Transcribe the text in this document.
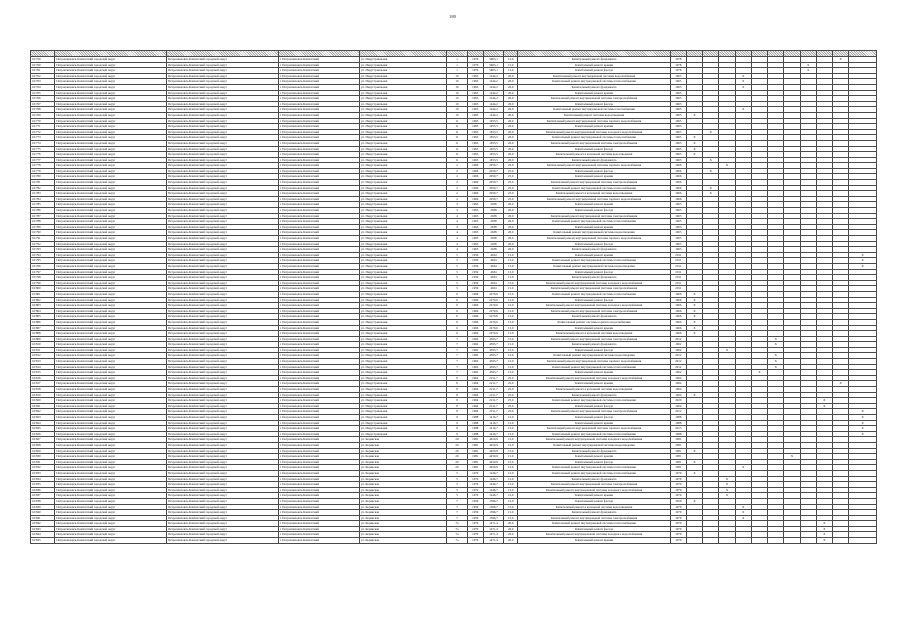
180

16/759	Петропавловск-Камчатский городской округ	Петропавловск-Камчатский городской округ	г. Петропавловск-Камчатский	ул. Индустриальная	1	1976	5603,1	15,0	Капитальный ремонт фундамента	1978										X	
16/760	Петропавловск-Камчатский городской округ	Петропавловск-Камчатский городской округ	г. Петропавловск-Камчатский	ул. Индустриальная	1	1976	5603,1	15,0	Капитальный ремонт крыши	1978								X			
16/761	Петропавловск-Камчатский городской округ	Петропавловск-Камчатский городской округ	г. Петропавловск-Камчатский	ул. Индустриальная	1	1976	5603,1	13,0	Капитальный ремонт фасада	1978								X			
16/762	Петропавловск-Камчатский городской округ	Петропавловск-Камчатский городской округ	г. Петропавловск-Камчатский	ул. Индустриальная	10	1965	1244,2	20,0	Капитальный ремонт внутридомовой системы водоснабжения	1965				X							
16/763	Петропавловск-Камчатский городской округ	Петропавловск-Камчатский городской округ	г. Петропавловск-Камчатский	ул. Индустриальная	10	1965	1244,2	20,0	Капитальный ремонт внутридомовой системы теплоснабжения	1965				X							
16/764	Петропавловск-Камчатский городской округ	Петропавловск-Камчатский городской округ	г. Петропавловск-Камчатский	ул. Индустриальная	10	1965	1244,2	20,0	Капитальный ремонт фундамента	1965				X							
16/765	Петропавловск-Камчатский городской округ	Петропавловск-Камчатский городской округ	г. Петропавловск-Камчатский	ул. Индустриальная	10	1965	1244,2	20,0	Капитальный ремонт крыши	1965											
16/766	Петропавловск-Камчатский городской округ	Петропавловск-Камчатский городской округ	г. Петропавловск-Камчатский	ул. Индустриальная	10	1965	1244,2	20,0	Капитальный ремонт внутридомовой системы электроснабжения	1965											
16/767	Петропавловск-Камчатский городской округ	Петропавловск-Камчатский городской округ	г. Петропавловск-Камчатский	ул. Индустриальная	10	1965	1244,2	20,0	Капитальный ремонт фасада	1965											
16/768	Петропавловск-Камчатский городской округ	Петропавловск-Камчатский городской округ	г. Петропавловск-Камчатский	ул. Индустриальная	10	1965	1244,2	20,0	Капитальный ремонт внутридомовой системы газоснабжения	1965				X							
16/769	Петропавловск-Камчатский городской округ	Петропавловск-Камчатский городской округ	г. Петропавловск-Камчатский	ул. Индустриальная	10	1965	1244,2	20,0	Капитальный ремонт системы водоотведения	1965	X										
16/770	Петропавловск-Камчатский городской округ	Петропавловск-Камчатский городской округ	г. Петропавловск-Камчатский	ул. Индустриальная	11	1965	1653,5	20,0	Капитальный ремонт внутридомовой системы горячего водоснабжения	1965											
16/771	Петропавловск-Камчатский городской округ	Петропавловск-Камчатский городской округ	г. Петропавловск-Камчатский	ул. Индустриальная	11	1965	1653,5	20,0	Капитальный ремонт крыши	1965											
16/772	Петропавловск-Камчатский городской округ	Петропавловск-Камчатский городской округ	г. Петропавловск-Камчатский	ул. Индустриальная	11	1965	1653,5	20,0	Капитальный ремонт внутридомовой системы холодного водоснабжения	1965		X									
16/773	Петропавловск-Камчатский городской округ	Петропавловск-Камчатский городской округ	г. Петропавловск-Камчатский	ул. Индустриальная	11	1965	1653,5	20,0	Капитальный ремонт внутридомовой системы теплоснабжения	1965	X										
16/774	Петропавловск-Камчатский городской округ	Петропавловск-Камчатский городской округ	г. Петропавловск-Камчатский	ул. Индустриальная	11	1965	1653,5	20,0	Капитальный ремонт внутридомовой системы электроснабжения	1965	X										
16/775	Петропавловск-Камчатский городской округ	Петропавловск-Камчатский городской округ	г. Петропавловск-Камчатский	ул. Индустриальная	11	1965	1653,5	20,0	Капитальный ремонт фасада	1965	X										
16/776	Петропавловск-Камчатский городской округ	Петропавловск-Камчатский городской округ	г. Петропавловск-Камчатский	ул. Индустриальная	11	1965	1653,5	20,0	Капитальный ремонт в котельной системы водоотведения	1965	X										
16/777	Петропавловск-Камчатский городской округ	Петропавловск-Камчатский городской округ	г. Петропавловск-Камчатский	ул. Индустриальная	11	1965	1653,5	20,0	Капитальный ремонт фундамента	1965		X									
16/778	Петропавловск-Камчатский городской округ	Петропавловск-Камчатский городской округ	г. Петропавловск-Камчатский	ул. Индустриальная	2	1966	2050,7	25,0	Капитальный ремонт внутридомовой системы горячего водоснабжения	1966			X								
16/779	Петропавловск-Камчатский городской округ	Петропавловск-Камчатский городской округ	г. Петропавловск-Камчатский	ул. Индустриальная	2	1966	2050,7	25,0	Капитальный ремонт фасада	1966		X									
16/780	Петропавловск-Камчатский городской округ	Петропавловск-Камчатский городской округ	г. Петропавловск-Камчатский	ул. Индустриальная	2	1966	2050,7	25,0	Капитальный ремонт крыши	1966											
16/781	Петропавловск-Камчатский городской округ	Петропавловск-Камчатский городской округ	г. Петропавловск-Камчатский	ул. Индустриальная	2	1966	2050,7	25,0	Капитальный ремонт внутридомовой системы электроснабжения	1966											
16/782	Петропавловск-Камчатский городской округ	Петропавловск-Камчатский городской округ	г. Петропавловск-Камчатский	ул. Индустриальная	2	1966	2050,7	25,0	Капитальный ремонт внутридомовой системы теплоснабжения	1966		X									
16/783	Петропавловск-Камчатский городской округ	Петропавловск-Камчатский городской округ	г. Петропавловск-Камчатский	ул. Индустриальная	2	1966	2050,7	25,0	Капитальный ремонт в котельной системы водоотведения	1966		X									
16/784	Петропавловск-Камчатский городской округ	Петропавловск-Камчатский городской округ	г. Петропавловск-Камчатский	ул. Индустриальная	2	1966	2050,7	25,0	Капитальный ремонт внутридомовой системы горячего водоснабжения	1966											
16/785	Петропавловск-Камчатский городской округ	Петропавловск-Камчатский городской округ	г. Петропавловск-Камчатский	ул. Индустриальная	3	1965	2638	20,0	Капитальный ремонт крыши	1965											
16/786	Петропавловск-Камчатский городской округ	Петропавловск-Камчатский городской округ	г. Петропавловск-Камчатский	ул. Индустриальная	3	1965	2638	20,0	Капитальный ремонт фасада	1965											
16/787	Петропавловск-Камчатский городской округ	Петропавловск-Камчатский городской округ	г. Петропавловск-Камчатский	ул. Индустриальная	4	1965	2638	20,0	Капитальный ремонт внутридомовой системы электроснабжения	1965											
16/788	Петропавловск-Камчатский городской округ	Петропавловск-Камчатский городской округ	г. Петропавловск-Камчатский	ул. Индустриальная	4	1965	2638	20,0	Капитальный ремонт внутридомовой системы теплоснабжения	1965											
16/789	Петропавловск-Камчатский городской округ	Петропавловск-Камчатский городской округ	г. Петропавловск-Камчатский	ул. Индустриальная	4	1965	2638	20,0	Капитальный ремонт крыши	1965											
16/790	Петропавловск-Камчатский городской округ	Петропавловск-Камчатский городской округ	г. Петропавловск-Камчатский	ул. Индустриальная	4	1965	2638	20,0	Капитальный ремонт внутридомовой системы водоотведения	1965											
16/791	Петропавловск-Камчатский городской округ	Петропавловск-Камчатский городской округ	г. Петропавловск-Камчатский	ул. Индустриальная	4	1965	2638	20,0	Капитальный ремонт внутридомовой системы горячего водоснабжения	1965											
16/792	Петропавловск-Камчатский городской округ	Петропавловск-Камчатский городской округ	г. Петропавловск-Камчатский	ул. Индустриальная	4	1965	2638	20,0	Капитальный ремонт фасада	1965											
16/793	Петропавловск-Камчатский городской округ	Петропавловск-Камчатский городской округ	г. Петропавловск-Камчатский	ул. Индустриальная	4	1965	2638	20,0	Капитальный ремонт фундамента	1965											
16/794	Петропавловск-Камчатский городской округ	Петропавловск-Камчатский городской округ	г. Петропавловск-Камчатский	ул. Индустриальная	5	1959	4634	15,0	Капитальный ремонт крыши	2011											X
16/795	Петропавловск-Камчатский городской округ	Петропавловск-Камчатский городской округ	г. Петропавловск-Камчатский	ул. Индустриальная	5	1959	4634	15,0	Капитальный ремонт внутридомовой системы теплоснабжения	2011											X
16/796	Петропавловск-Камчатский городской округ	Петропавловск-Камчатский городской округ	г. Петропавловск-Камчатский	ул. Индустриальная	5	1959	4634	15,0	Капитальный ремонт внутридомовой системы водоотведения	2011											X
16/797	Петропавловск-Камчатский городской округ	Петропавловск-Камчатский городской округ	г. Петропавловск-Камчатский	ул. Индустриальная	5	1959	4634	15,0	Капитальный ремонт фасада	2011											
16/798	Петропавловск-Камчатский городской округ	Петропавловск-Камчатский городской округ	г. Петропавловск-Камчатский	ул. Индустриальная	5	1959	4634	15,0	Капитальный ремонт фундамента	2011											
16/799	Петропавловск-Камчатский городской округ	Петропавловск-Камчатский городской округ	г. Петропавловск-Камчатский	ул. Индустриальная	5	1959	4634	15,0	Капитальный ремонт внутридомовой системы холодного водоснабжения	2011											
16/800	Петропавловск-Камчатский городской округ	Петропавловск-Камчатский городской округ	г. Петропавловск-Камчатский	ул. Индустриальная	5	1959	4634	15,0	Капитальный ремонт внутридомовой системы электроснабжения	2011											
16/801	Петропавловск-Камчатский городской округ	Петропавловск-Камчатский городской округ	г. Петропавловск-Камчатский	ул. Индустриальная	6	1966	2270,6	15,0	Капитальный ремонт внутридомовой системы теплоснабжения	1966	X										
16/802	Петропавловск-Камчатский городской округ	Петропавловск-Камчатский городской округ	г. Петропавловск-Камчатский	ул. Индустриальная	6	1966	2270,6	15,0	Капитальный ремонт фасада	1966	X										
16/803	Петропавловск-Камчатский городской округ	Петропавловск-Камчатский городской округ	г. Петропавловск-Камчатский	ул. Индустриальная	6	1966	2270,6	15,0	Капитальный ремонт внутридомовой системы холодного водоснабжения	1966	X										
16/804	Петропавловск-Камчатский городской округ	Петропавловск-Камчатский городской округ	г. Петропавловск-Камчатский	ул. Индустриальная	6	1966	2270,6	15,0	Капитальный ремонт внутридомовой системы электроснабжения	1966	X										
16/805	Петропавловск-Камчатский городской округ	Петропавловск-Камчатский городской округ	г. Петропавловск-Камчатский	ул. Индустриальная	6	1966	2270,6	15,0	Капитальный ремонт фундамента	1966	X										
16/806	Петропавловск-Камчатский городской округ	Петропавловск-Камчатский городской округ	г. Петропавловск-Камчатский	ул. Индустриальная	6	1966	2270,6	15,0	Капитальный ремонт системы горячего водоснабжения	1966	X										
16/807	Петропавловск-Камчатский городской округ	Петропавловск-Камчатский городской округ	г. Петропавловск-Камчатский	ул. Индустриальная	6	1966	2270,6	15,0	Капитальный ремонт крыши	1966	X										
16/808	Петропавловск-Камчатский городской округ	Петропавловск-Камчатский городской округ	г. Петропавловск-Камчатский	ул. Индустриальная	6	1966	2270,6	15,0	Капитальный ремонт в котельной системы водоотведения	1966	X										
16/809	Петропавловск-Камчатский городской округ	Петропавловск-Камчатский городской округ	г. Петропавловск-Камчатский	ул. Индустриальная	7	1962	4593,7	15,0	Капитальный ремонт внутридомовой системы электроснабжения	2012						X					
16/810	Петропавловск-Камчатский городской округ	Петропавловск-Камчатский городской округ	г. Петропавловск-Камчатский	ул. Индустриальная	7	1962	4593,7	15,0	Капитальный ремонт фундамента	1962						X					
16/811	Петропавловск-Камчатский городской округ	Петропавловск-Камчатский городской округ	г. Петропавловск-Камчатский	ул. Индустриальная	7	1962	4593,7	15,0	Капитальный ремонт фасада	1962			X								
16/812	Петропавловск-Камчатский городской округ	Петропавловск-Камчатский городской округ	г. Петропавловск-Камчатский	ул. Индустриальная	7	1962	4593,7	15,0	Капитальный ремонт внутридомовой системы водоотведения	2012						X					
16/813	Петропавловск-Камчатский городской округ	Петропавловск-Камчатский городской округ	г. Петропавловск-Камчатский	ул. Индустриальная	7	1962	4593,7	15,0	Капитальный ремонт внутридомовой системы горячего водоснабжения	2012						X					
16/814	Петропавловск-Камчатский городской округ	Петропавловск-Камчатский городской округ	г. Петропавловск-Камчатский	ул. Индустриальная	7	1962	4593,7	15,0	Капитальный ремонт внутридомовой системы теплоснабжения	2012						X					
16/815	Петропавловск-Камчатский городской округ	Петропавловск-Камчатский городской округ	г. Петропавловск-Камчатский	ул. Индустриальная	7	1962	4593,7	15,0	Капитальный ремонт крыши	1962					X						
16/816	Петропавловск-Камчатский городской округ	Петропавловск-Камчатский городской округ	г. Петропавловск-Камчатский	ул. Индустриальная	8	1964	2211,7	25,0	Капитальный ремонт внутридомовой системы холодного водоснабжения	1964											
16/817	Петропавловск-Камчатский городской округ	Петропавловск-Камчатский городской округ	г. Петропавловск-Камчатский	ул. Индустриальная	8	1964	2211,7	25,0	Капитальный ремонт крыши	1964										X	
16/818	Петропавловск-Камчатский городской округ	Петропавловск-Камчатский городской округ	г. Петропавловск-Камчатский	ул. Индустриальная	8	1964	2211,7	25,0	Капитальный ремонт в котельной системы водоотведения	1964											
16/819	Петропавловск-Камчатский городской округ	Петропавловск-Камчатский городской округ	г. Петропавловск-Камчатский	ул. Индустриальная	8	1964	2211,7	25,0	Капитальный ремонт фундамента	1964	X										
16/820	Петропавловск-Камчатский городской округ	Петропавловск-Камчатский городской округ	г. Петропавловск-Камчатский	ул. Индустриальная	8	1964	2211,7	25,0	Капитальный ремонт внутридомовой системы теплоснабжения	2020									X		
16/821	Петропавловск-Камчатский городской округ	Петропавловск-Камчатский городской округ	г. Петропавловск-Камчатский	ул. Индустриальная	8	1964	2211,7	25,0	Капитальный ремонт фасада	1964									X		
16/822	Петропавловск-Камчатский городской округ	Петропавловск-Камчатский городской округ	г. Петропавловск-Камчатский	ул. Индустриальная	8	1964	2211,7	25,0	Капитальный ремонт внутридомовой системы электроснабжения	2012											X
16/823	Петропавловск-Камчатский городской округ	Петропавловск-Камчатский городской округ	г. Петропавловск-Камчатский	ул. Индустриальная	9	1988	1416,7	15,0	Капитальный ремонт фасада	1988											X
16/824	Петропавловск-Камчатский городской округ	Петропавловск-Камчатский городской округ	г. Петропавловск-Камчатский	ул. Индустриальная	9	1988	1416,7	15,0	Капитальный ремонт крыши	1988											X
16/825	Петропавловск-Камчатский городской округ	Петропавловск-Камчатский городской округ	г. Петропавловск-Камчатский	ул. Индустриальная	9	1988	1416,7	15,0	Капитальный ремонт внутридомовой системы горячего водоснабжения	2013											X
16/826	Петропавловск-Камчатский городской округ	Петропавловск-Камчатский городской округ	г. Петропавловск-Камчатский	ул. Индустриальная	9	1988	1416,7	15,0	Капитальный ремонт внутридомовой системы теплоснабжения	1988											X
16/827	Петропавловск-Камчатский городской округ	Петропавловск-Камчатский городской округ	г. Петропавловск-Камчатский	ул. Корякская	20	1981	4450,9	15,0	Капитальный ремонт внутридомовой системы холодного водоснабжения	1981											
16/828	Петропавловск-Камчатский городской округ	Петропавловск-Камчатский городской округ	г. Петропавловск-Камчатский	ул. Корякская	20	1981	4450,9	15,0	Капитальный ремонт внутридомовой системы водоотведения	1981											
16/829	Петропавловск-Камчатский городской округ	Петропавловск-Камчатский городской округ	г. Петропавловск-Камчатский	ул. Корякская	20	1981	4450,9	15,0	Капитальный ремонт фундамента	1981	X										
16/830	Петропавловск-Камчатский городской округ	Петропавловск-Камчатский городской округ	г. Петропавловск-Камчатский	ул. Корякская	20	1981	4450,9	15,0	Капитальный ремонт крыши	1981							X				
16/831	Петропавловск-Камчатский городской округ	Петропавловск-Камчатский городской округ	г. Петропавловск-Камчатский	ул. Корякская	20	1981	4450,9	15,0	Капитальный ремонт фасада	1981	X										
16/832	Петропавловск-Камчатский городской округ	Петропавловск-Камчатский городской округ	г. Петропавловск-Камчатский	ул. Корякская	20	1981	4450,9	15,0	Капитальный ремонт внутридомовой системы теплоснабжения	1981				X							
16/833	Петропавловск-Камчатский городской округ	Петропавловск-Камчатский городской округ	г. Петропавловск-Камчатский	ул. Корякская	5	1979	1246,7	15,0	Капитальный ремонт внутридомовой системы теплоснабжения	1979	X										
16/834	Петропавловск-Камчатский городской округ	Петропавловск-Камчатский городской округ	г. Петропавловск-Камчатский	ул. Корякская	5	1979	1246,7	15,0	Капитальный ремонт фундамента	1979			X								
16/835	Петропавловск-Камчатский городской округ	Петропавловск-Камчатский городской округ	г. Петропавловск-Камчатский	ул. Корякская	5	1979	1246,7	15,0	Капитальный ремонт внутридомовой системы электроснабжения	1979			X								
16/836	Петропавловск-Камчатский городской округ	Петропавловск-Камчатский городской округ	г. Петропавловск-Камчатский	ул. Корякская	5	1979	1246,7	15,0	Капитальный ремонт внутридомовой системы холодного водоснабжения	1979			X								
16/837	Петропавловск-Камчатский городской округ	Петропавловск-Камчатский городской округ	г. Петропавловск-Камчатский	ул. Корякская	5	1979	1246,7	15,0	Капитальный ремонт крыши	1979			X								
16/838	Петропавловск-Камчатский городской округ	Петропавловск-Камчатский городской округ	г. Петропавловск-Камчатский	ул. Корякская	7	1959	1396,7	15,0	Капитальный ремонт фасада	1959	X										
16/839	Петропавловск-Камчатский городской округ	Петропавловск-Камчатский городской округ	г. Петропавловск-Камчатский	ул. Корякская	7	1959	1396,7	15,0	Капитальный ремонт в котельной системы водоотведения	1979				X							
16/840	Петропавловск-Камчатский городской округ	Петропавловск-Камчатский городской округ	г. Петропавловск-Камчатский	ул. Корякская	7	1959	1396,7	15,0	Капитальный ремонт фундамента	1979				X							
16/841	Петропавловск-Камчатский городской округ	Петропавловск-Камчатский городской округ	г. Петропавловск-Камчатский	ул. Корякская	7	1959	1396,7	15,0	Капитальный ремонт внутридомовой системы электроснабжения	1979				X							
16/842	Петропавловск-Камчатский городской округ	Петропавловск-Камчатский городской округ	г. Петропавловск-Камчатский	ул. Корякская	7а	1979	1471,4	20,0	Капитальный ремонт внутридомовой системы теплоснабжения	1979									X		
16/843	Петропавловск-Камчатский городской округ	Петропавловск-Камчатский городской округ	г. Петропавловск-Камчатский	ул. Корякская	7а	1979	1471,4	20,0	Капитальный ремонт фасада	1979									X		
16/844	Петропавловск-Камчатский городской округ	Петропавловск-Камчатский городской округ	г. Петропавловск-Камчатский	ул. Корякская	7а	1979	1471,4	20,0	Капитальный ремонт внутридомовой системы холодного водоснабжения	1979									X		
16/845	Петропавловск-Камчатский городской округ	Петропавловск-Камчатский городской округ	г. Петропавловск-Камчатский	ул. Корякская	7а	1979	1471,4	20,0	Капитальный ремонт крыши	1979									X		
